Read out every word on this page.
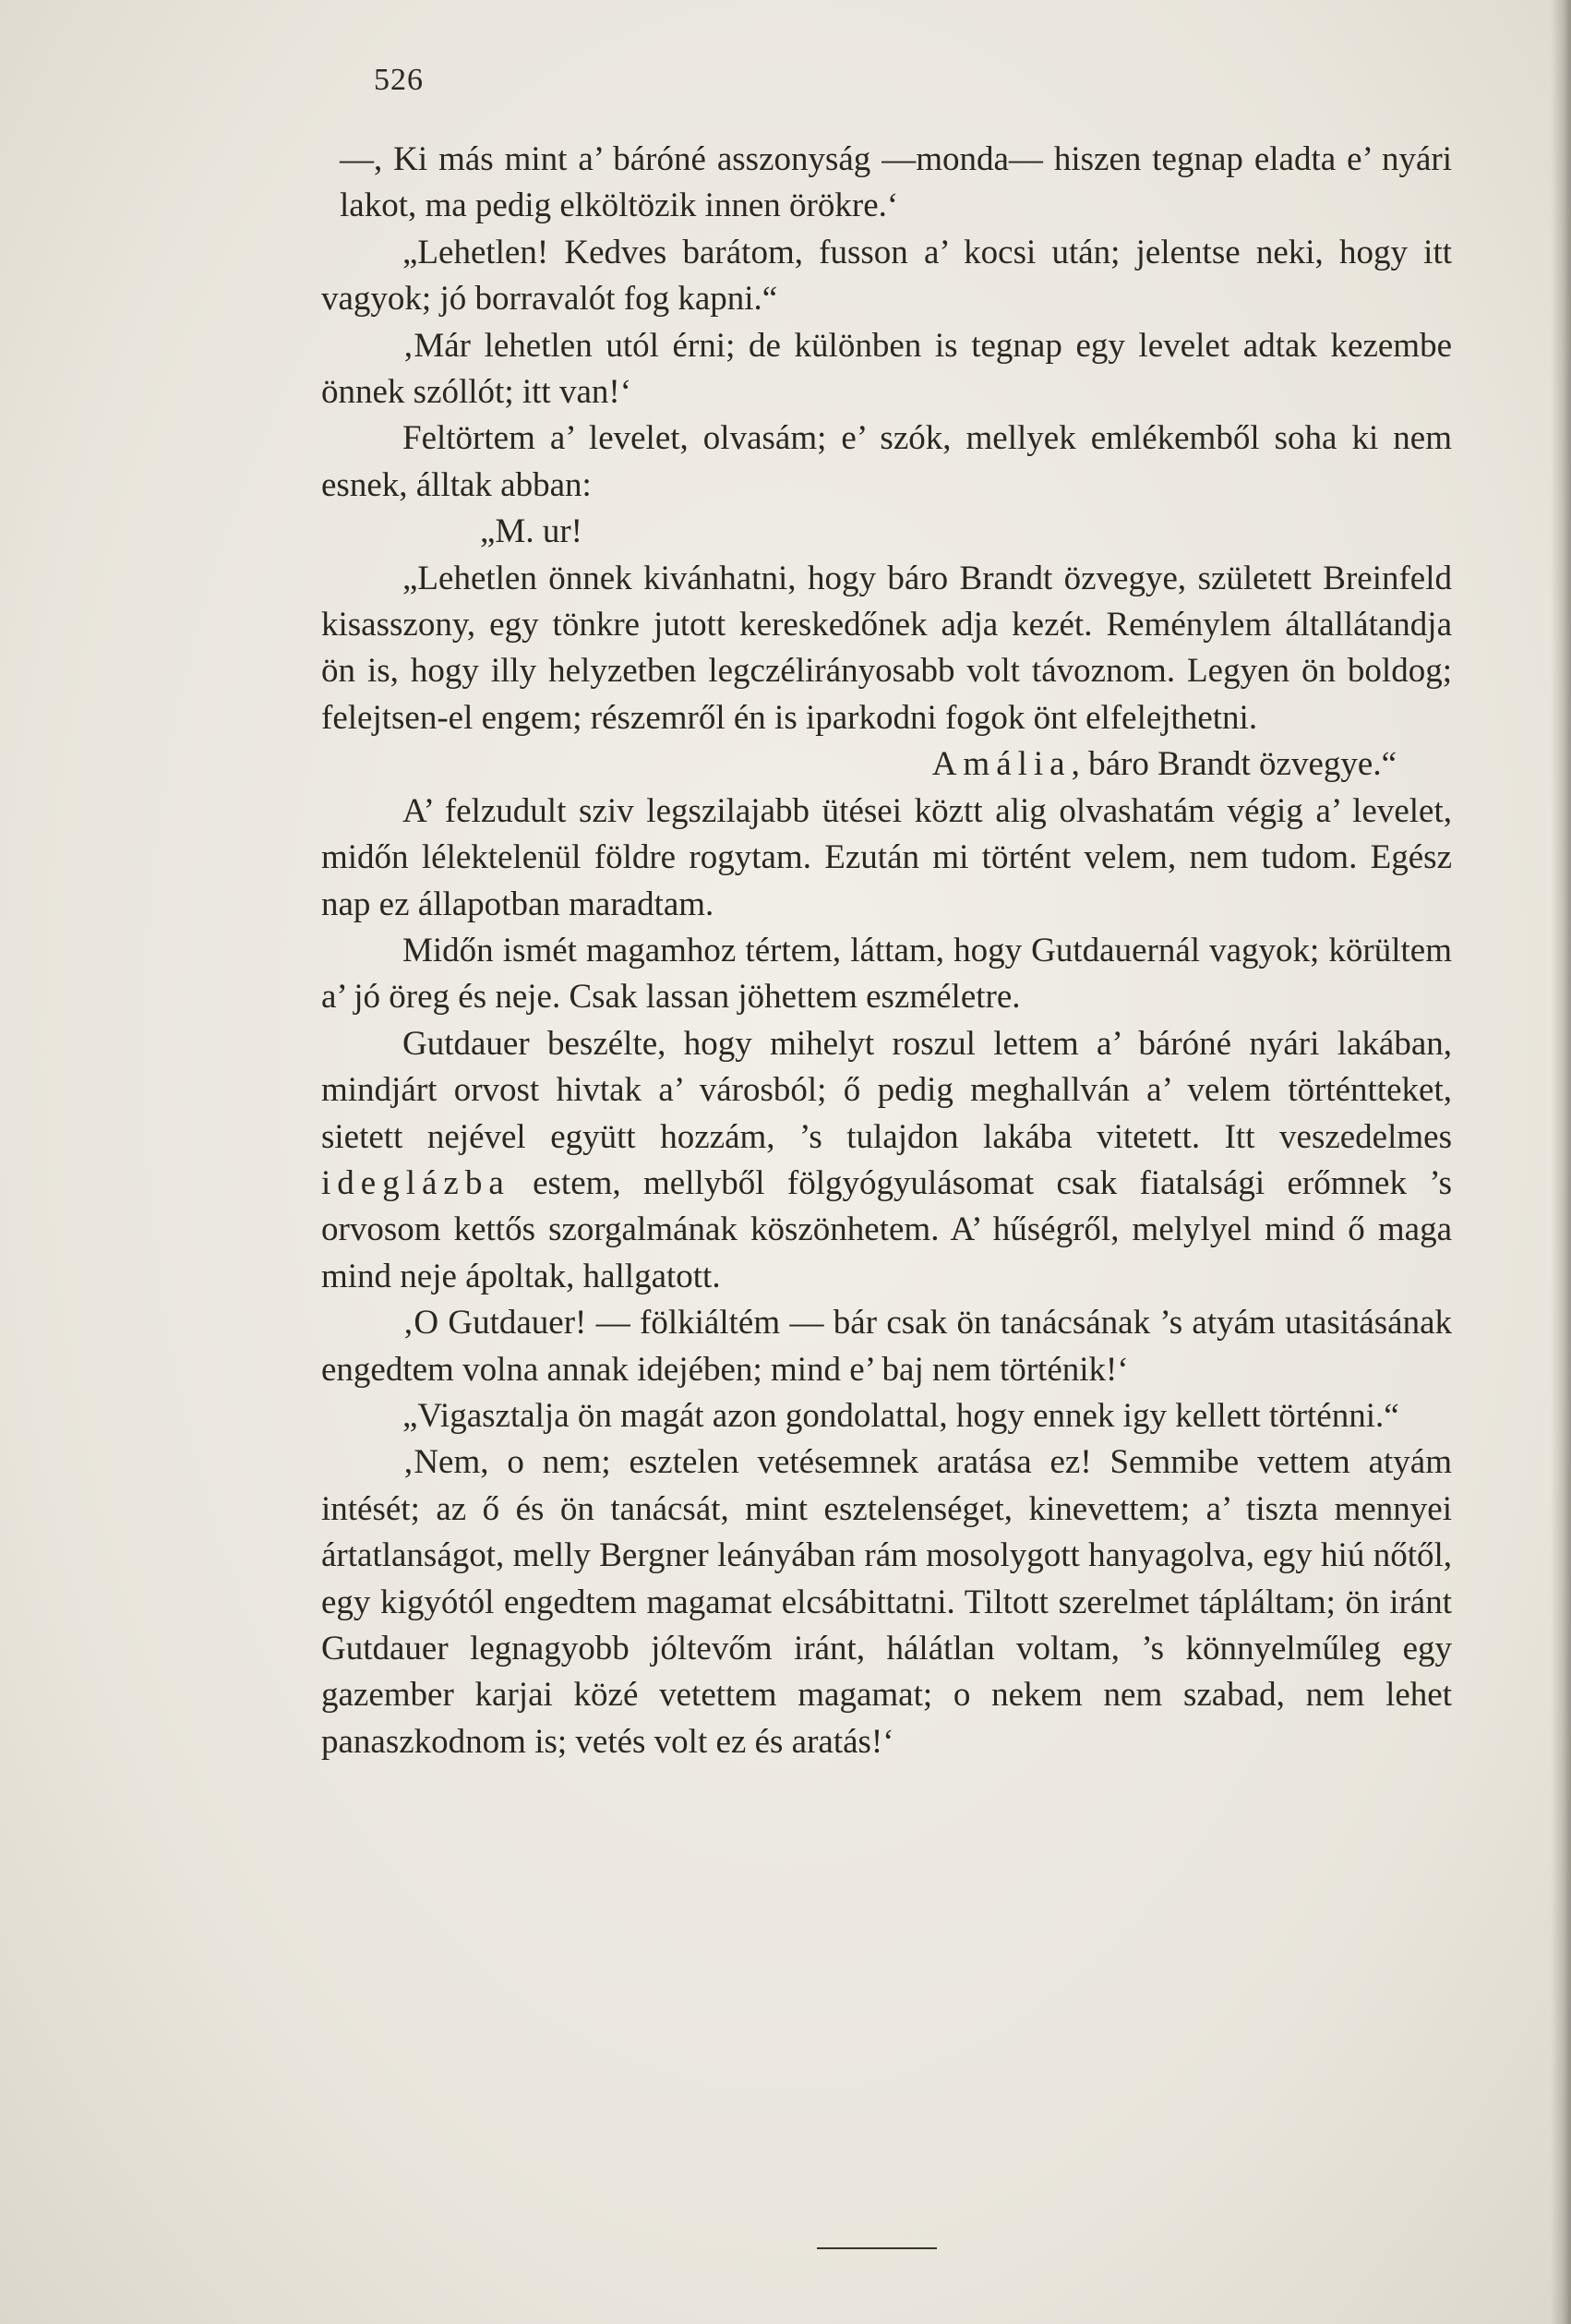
526

—, Ki más mint a’ báróné asszonyság —monda— hiszen tegnap eladta e’ nyári lakot, ma pedig elköltözik innen örökre.‘

„Lehetlen! Kedves barátom, fusson a’ kocsi után; jelentse neki, hogy itt vagyok; jó borravalót fog kapni.“

‚Már lehetlen utól érni; de különben is tegnap egy levelet adtak kezembe önnek szóllót; itt van!‘

Feltörtem a’ levelet, olvasám; e’ szók, mellyek emlékemből soha ki nem esnek, álltak abban:

„M. ur!

„Lehetlen önnek kivánhatni, hogy báro Brandt özvegye, született Breinfeld kisasszony, egy tönkre jutott kereskedőnek adja kezét. Reménylem általlátandja ön is, hogy illy helyzetben legczélirányosabb volt távoznom. Legyen ön boldog; felejtsen-el engem; részemről én is iparkodni fogok önt elfelejthetni.

Amália, báro Brandt özvegye.“

A’ felzudult sziv legszilajabb ütései köztt alig olvashatám végig a’ levelet, midőn lélektelenül földre rogytam. Ezután mi történt velem, nem tudom. Egész nap ez állapotban maradtam.

Midőn ismét magamhoz tértem, láttam, hogy Gutdauernál vagyok; körültem a’ jó öreg és neje. Csak lassan jöhettem eszméletre.

Gutdauer beszélte, hogy mihelyt roszul lettem a’ báróné nyári lakában, mindjárt orvost hivtak a’ városból; ő pedig meghallván a’ velem történtteket, sietett nejével együtt hozzám, ’s tulajdon lakába vitetett. Itt veszedelmes ideglázba estem, mellyből fölgyógyulásomat csak fiatalsági erőmnek ’s orvosom kettős szorgalmának köszönhetem. A’ hűségről, melylyel mind ő maga mind neje ápoltak, hallgatott.

‚O Gutdauer! — fölkiáltém — bár csak ön tanácsának ’s atyám utasitásának engedtem volna annak idejében; mind e’ baj nem történik!‘

„Vigasztalja ön magát azon gondolattal, hogy ennek igy kellett történni.“

‚Nem, o nem; esztelen vetésemnek aratása ez! Semmibe vettem atyám intését; az ő és ön tanácsát, mint esztelenséget, kinevettem; a’ tiszta mennyei ártatlanságot, melly Bergner leányában rám mosolygott hanyagolva, egy hiú nőtől, egy kigyótól engedtem magamat elcsábittatni. Tiltott szerelmet tápláltam; ön iránt Gutdauer legnagyobb jóltevőm iránt, hálátlan voltam, ’s könnyelműleg egy gazember karjai közé vetettem magamat; o nekem nem szabad, nem lehet panaszkodnom is; vetés volt ez és aratás!‘
